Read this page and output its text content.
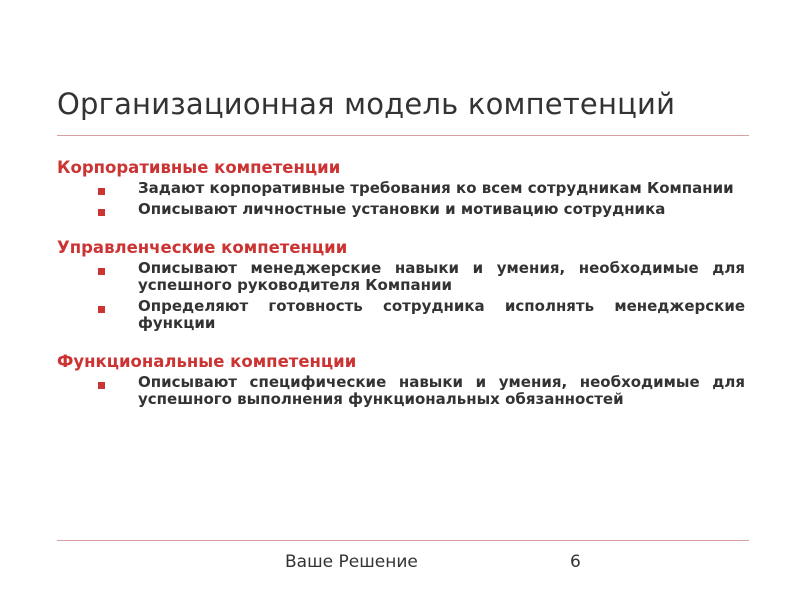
Организационная модель компетенций
Корпоративные компетенции
Задают корпоративные требования ко всем сотрудникам Компании
Описывают личностные установки и мотивацию сотрудника
Управленческие компетенции
Описывают менеджерские навыки и умения, необходимые для успешного руководителя Компании
Определяют готовность сотрудника исполнять менеджерские функции
Функциональные компетенции
Описывают специфические навыки и умения, необходимые для успешного выполнения функциональных обязанностей
Ваше Решение	6
